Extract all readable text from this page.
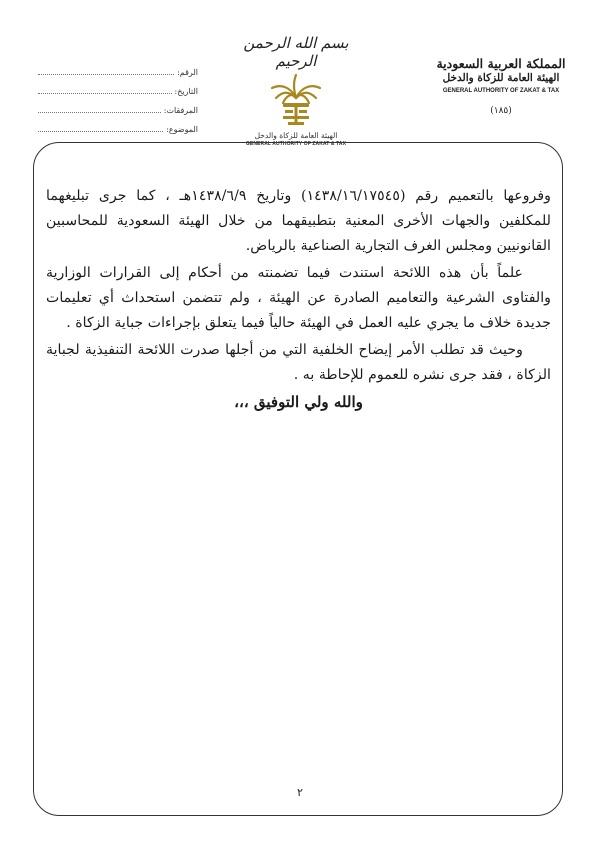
الرقم:
التاريخ:
المرفقات:
الموضوع:
بسم الله الرحمن الرحيم
الهيئة العامة للزكاة والدخل
GENERAL AUTHORITY OF ZAKAT & TAX
المملكة العربية السعودية
الهيئة العامة للزكاة والدخل
GENERAL AUTHORITY OF ZAKAT & TAX
(١٨٥)

وفروعها بالتعميم رقم (١٤٣٨/١٦/١٧٥٤٥) وتاريخ ١٤٣٨/٦/٩هـ ، كما جرى تبليغهما للمكلفين والجهات الأخرى المعنية بتطبيقهما من خلال الهيئة السعودية للمحاسبين القانونيين ومجلس الغرف التجارية الصناعية بالرياض.

علماً بأن هذه اللائحة استندت فيما تضمنته من أحكام إلى القرارات الوزارية والفتاوى الشرعية والتعاميم الصادرة عن الهيئة ، ولم تتضمن استحداث أي تعليمات جديدة خلاف ما يجري عليه العمل في الهيئة حالياً فيما يتعلق بإجراءات جباية الزكاة .

وحيث قد تطلب الأمر إيضاح الخلفية التي من أجلها صدرت اللائحة التنفيذية لجباية الزكاة ، فقد جرى نشره للعموم للإحاطة به .

والله ولي التوفيق ،،،

٢
